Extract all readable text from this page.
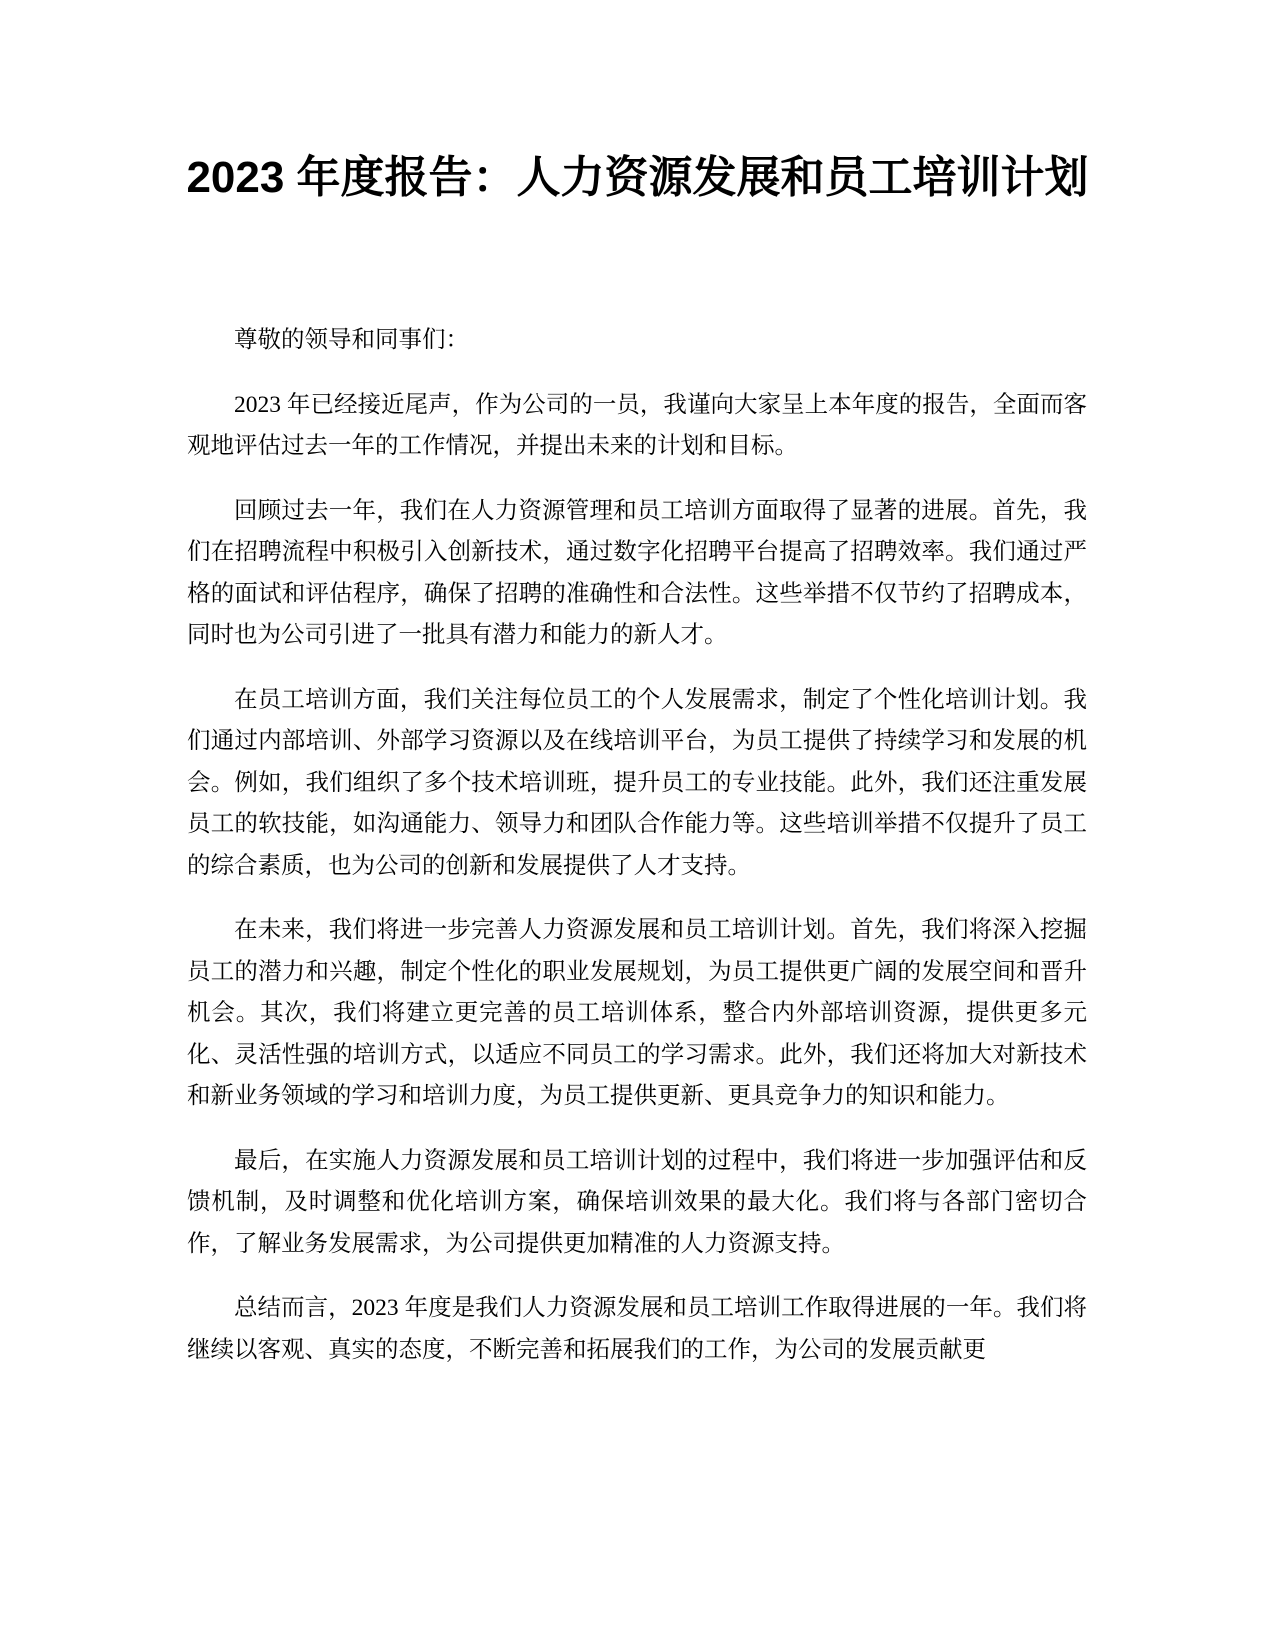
2023 年度报告：人力资源发展和员工培训计划

尊敬的领导和同事们：

2023 年已经接近尾声，作为公司的一员，我谨向大家呈上本年度的报告，全面而客观地评估过去一年的工作情况，并提出未来的计划和目标。

回顾过去一年，我们在人力资源管理和员工培训方面取得了显著的进展。首先，我们在招聘流程中积极引入创新技术，通过数字化招聘平台提高了招聘效率。我们通过严格的面试和评估程序，确保了招聘的准确性和合法性。这些举措不仅节约了招聘成本，同时也为公司引进了一批具有潜力和能力的新人才。

在员工培训方面，我们关注每位员工的个人发展需求，制定了个性化培训计划。我们通过内部培训、外部学习资源以及在线培训平台，为员工提供了持续学习和发展的机会。例如，我们组织了多个技术培训班，提升员工的专业技能。此外，我们还注重发展员工的软技能，如沟通能力、领导力和团队合作能力等。这些培训举措不仅提升了员工的综合素质，也为公司的创新和发展提供了人才支持。

在未来，我们将进一步完善人力资源发展和员工培训计划。首先，我们将深入挖掘员工的潜力和兴趣，制定个性化的职业发展规划，为员工提供更广阔的发展空间和晋升机会。其次，我们将建立更完善的员工培训体系，整合内外部培训资源，提供更多元化、灵活性强的培训方式，以适应不同员工的学习需求。此外，我们还将加大对新技术和新业务领域的学习和培训力度，为员工提供更新、更具竞争力的知识和能力。

最后，在实施人力资源发展和员工培训计划的过程中，我们将进一步加强评估和反馈机制，及时调整和优化培训方案，确保培训效果的最大化。我们将与各部门密切合作，了解业务发展需求，为公司提供更加精准的人力资源支持。

总结而言，2023 年度是我们人力资源发展和员工培训工作取得进展的一年。我们将继续以客观、真实的态度，不断完善和拓展我们的工作，为公司的发展贡献更
